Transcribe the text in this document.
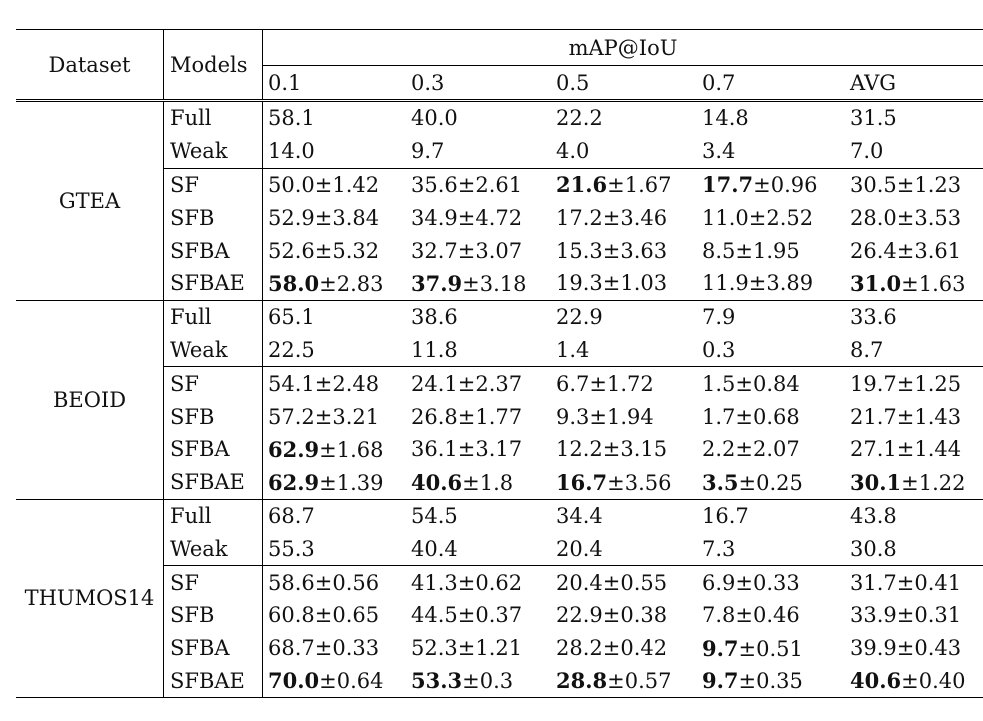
Dataset	Models	mAP@IoU				
		0.1	0.3	0.5	0.7	AVG
GTEA	Full	58.1	40.0	22.2	14.8	31.5
	Weak	14.0	9.7	4.0	3.4	7.0
	SF	50.0±1.42	35.6±2.61	21.6±1.67	17.7±0.96	30.5±1.23
	SFB	52.9±3.84	34.9±4.72	17.2±3.46	11.0±2.52	28.0±3.53
	SFBA	52.6±5.32	32.7±3.07	15.3±3.63	8.5±1.95	26.4±3.61
	SFBAE	58.0±2.83	37.9±3.18	19.3±1.03	11.9±3.89	31.0±1.63
BEOID	Full	65.1	38.6	22.9	7.9	33.6
	Weak	22.5	11.8	1.4	0.3	8.7
	SF	54.1±2.48	24.1±2.37	6.7±1.72	1.5±0.84	19.7±1.25
	SFB	57.2±3.21	26.8±1.77	9.3±1.94	1.7±0.68	21.7±1.43
	SFBA	62.9±1.68	36.1±3.17	12.2±3.15	2.2±2.07	27.1±1.44
	SFBAE	62.9±1.39	40.6±1.8	16.7±3.56	3.5±0.25	30.1±1.22
THUMOS14	Full	68.7	54.5	34.4	16.7	43.8
	Weak	55.3	40.4	20.4	7.3	30.8
	SF	58.6±0.56	41.3±0.62	20.4±0.55	6.9±0.33	31.7±0.41
	SFB	60.8±0.65	44.5±0.37	22.9±0.38	7.8±0.46	33.9±0.31
	SFBA	68.7±0.33	52.3±1.21	28.2±0.42	9.7±0.51	39.9±0.43
	SFBAE	70.0±0.64	53.3±0.3	28.8±0.57	9.7±0.35	40.6±0.40
